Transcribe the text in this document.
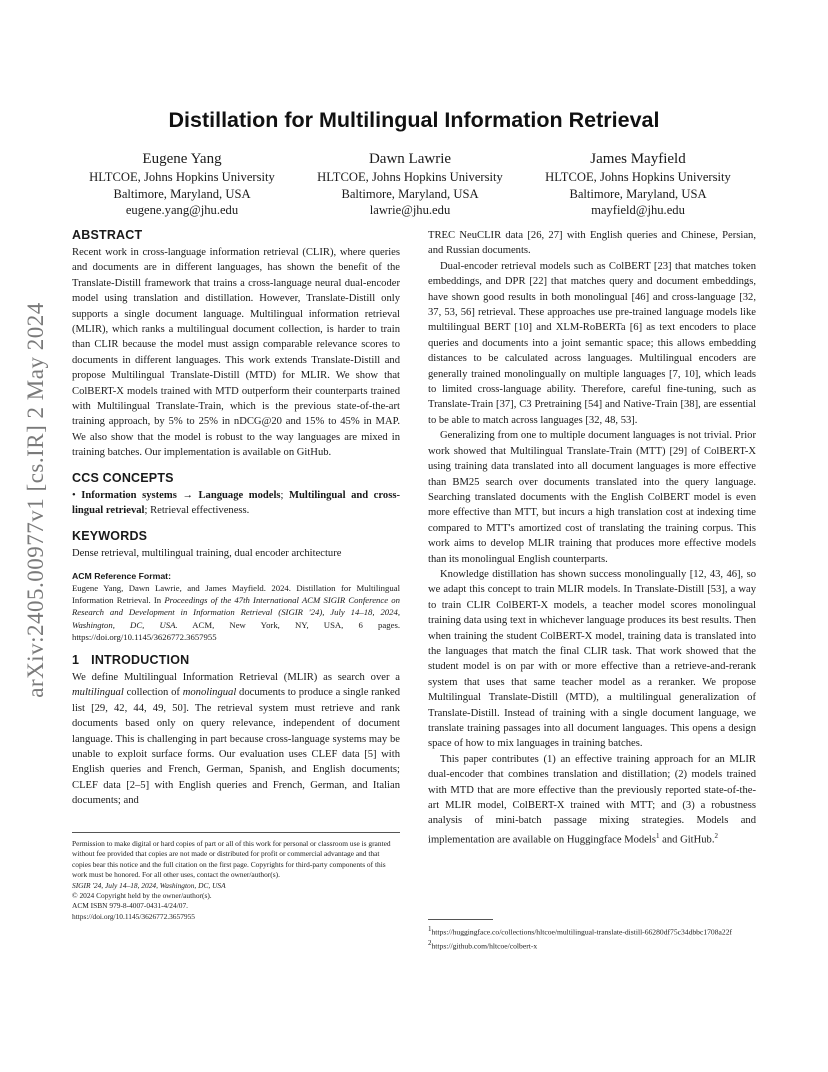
arXiv:2405.00977v1 [cs.IR] 2 May 2024
Distillation for Multilingual Information Retrieval
Eugene Yang
HLTCOE, Johns Hopkins University
Baltimore, Maryland, USA
eugene.yang@jhu.edu
Dawn Lawrie
HLTCOE, Johns Hopkins University
Baltimore, Maryland, USA
lawrie@jhu.edu
James Mayfield
HLTCOE, Johns Hopkins University
Baltimore, Maryland, USA
mayfield@jhu.edu
ABSTRACT

Recent work in cross-language information retrieval (CLIR), where queries and documents are in different languages, has shown the benefit of the Translate-Distill framework that trains a cross-language neural dual-encoder model using translation and distillation. However, Translate-Distill only supports a single document language. Multilingual information retrieval (MLIR), which ranks a multilingual document collection, is harder to train than CLIR because the model must assign comparable relevance scores to documents in different languages. This work extends Translate-Distill and propose Multilingual Translate-Distill (MTD) for MLIR. We show that ColBERT-X models trained with MTD outperform their counterparts trained with Multilingual Translate-Train, which is the previous state-of-the-art training approach, by 5% to 25% in nDCG@20 and 15% to 45% in MAP. We also show that the model is robust to the way languages are mixed in training batches. Our implementation is available on GitHub.

CCS CONCEPTS

• Information systems → Language models; Multilingual and cross-lingual retrieval; Retrieval effectiveness.

KEYWORDS

Dense retrieval, multilingual training, dual encoder architecture

ACM Reference Format:

Eugene Yang, Dawn Lawrie, and James Mayfield. 2024. Distillation for Multilingual Information Retrieval. In Proceedings of the 47th International ACM SIGIR Conference on Research and Development in Information Retrieval (SIGIR '24), July 14–18, 2024, Washington, DC, USA. ACM, New York, NY, USA, 6 pages. https://doi.org/10.1145/3626772.3657955

1 INTRODUCTION

We define Multilingual Information Retrieval (MLIR) as search over a multilingual collection of monolingual documents to produce a single ranked list [29, 42, 44, 49, 50]. The retrieval system must retrieve and rank documents based only on query relevance, independent of document language. This is challenging in part because cross-language systems may be unable to exploit surface forms. Our evaluation uses CLEF data [5] with English queries and French, German, Spanish, and English documents; CLEF data [2–5] with English queries and French, German, and Italian documents; and

Permission to make digital or hard copies of part or all of this work for personal or classroom use is granted without fee provided that copies are not made or distributed for profit or commercial advantage and that copies bear this notice and the full citation on the first page. Copyrights for third-party components of this work must be honored. For all other uses, contact the owner/author(s).
SIGIR '24, July 14–18, 2024, Washington, DC, USA
© 2024 Copyright held by the owner/author(s).
ACM ISBN 979-8-4007-0431-4/24/07.
https://doi.org/10.1145/3626772.3657955

TREC NeuCLIR data [26, 27] with English queries and Chinese, Persian, and Russian documents.

Dual-encoder retrieval models such as ColBERT [23] that matches token embeddings, and DPR [22] that matches query and document embeddings, have shown good results in both monolingual [46] and cross-language [32, 37, 53, 56] retrieval. These approaches use pre-trained language models like multilingual BERT [10] and XLM-RoBERTa [6] as text encoders to place queries and documents into a joint semantic space; this allows embedding distances to be calculated across languages. Multilingual encoders are generally trained monolingually on multiple languages [7, 10], which leads to limited cross-language ability. Therefore, careful fine-tuning, such as Translate-Train [37], C3 Pretraining [54] and Native-Train [38], are essential to be able to match across languages [32, 48, 53].

Generalizing from one to multiple document languages is not trivial. Prior work showed that Multilingual Translate-Train (MTT) [29] of ColBERT-X using training data translated into all document languages is more effective than BM25 search over documents translated into the query language. Searching translated documents with the English ColBERT model is even more effective than MTT, but incurs a high translation cost at indexing time compared to MTT's amortized cost of translating the training corpus. This work aims to develop MLIR training that produces more effective models than its monolingual English counterparts.

Knowledge distillation has shown success monolingually [12, 43, 46], so we adapt this concept to train MLIR models. In Translate-Distill [53], a way to train CLIR ColBERT-X models, a teacher model scores monolingual training data using text in whichever language produces its best results. Then when training the student ColBERT-X model, training data is translated into the languages that match the final CLIR task. That work showed that the student model is on par with or more effective than a retrieve-and-rerank system that uses that same teacher model as a reranker. We propose Multilingual Translate-Distill (MTD), a multilingual generalization of Translate-Distill. Instead of training with a single document language, we translate training passages into all document languages. This opens a design space of how to mix languages in training batches.

This paper contributes (1) an effective training approach for an MLIR dual-encoder that combines translation and distillation; (2) models trained with MTD that are more effective than the previously reported state-of-the-art MLIR model, ColBERT-X trained with MTT; and (3) a robustness analysis of mini-batch passage mixing strategies. Models and implementation are available on Huggingface Models$^1$ and GitHub.$^2$

$^1$https://huggingface.co/collections/hltcoe/multilingual-translate-distill-66280df75c34dbbc1708a22f
$^2$https://github.com/hltcoe/colbert-x
